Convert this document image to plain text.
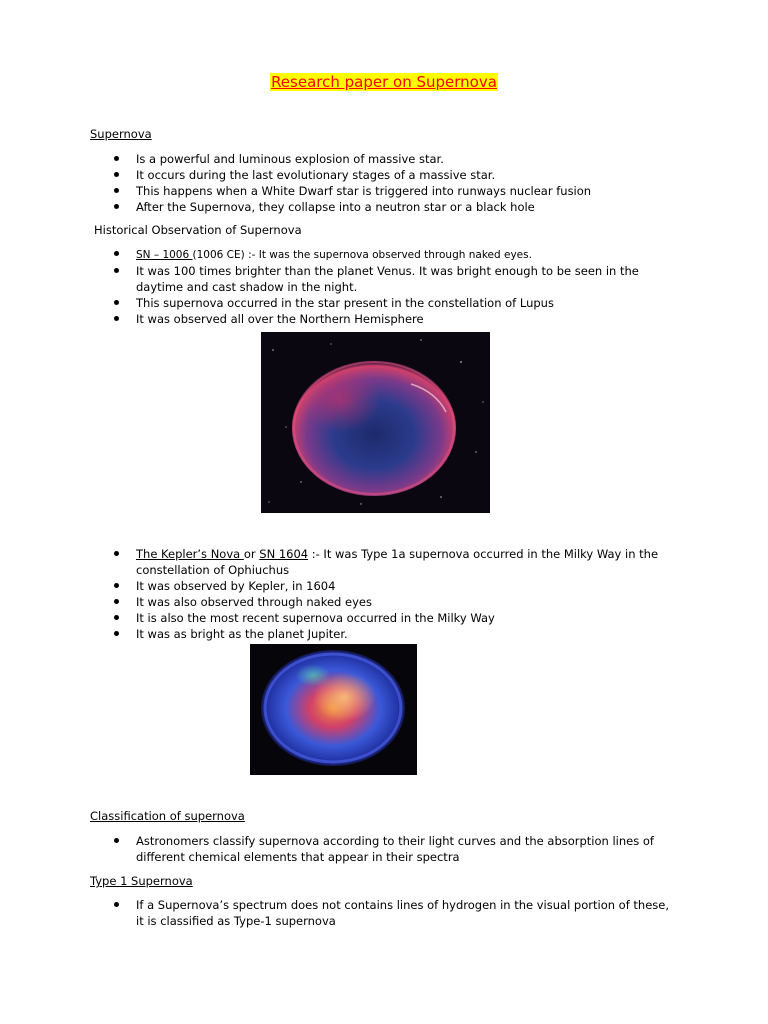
Research paper on Supernova
Supernova
Is a powerful and luminous explosion of massive star.
It occurs during the last evolutionary stages of a massive star.
This happens when a White Dwarf star is triggered into runways nuclear fusion
After the Supernova, they collapse into a neutron star or a black hole
Historical Observation of Supernova
SN – 1006 (1006 CE) :- It was the supernova observed through naked eyes.
It was 100 times brighter than the planet Venus. It was bright enough to be seen in the daytime and cast shadow in the night.
This supernova occurred in the star present in the constellation of Lupus
It was observed all over the Northern Hemisphere
The Kepler’s Nova or SN 1604 :- It was Type 1a supernova occurred in the Milky Way in the constellation of Ophiuchus
It was observed by Kepler, in 1604
It was also observed through naked eyes
It is also the most recent supernova occurred in the Milky Way
It was as bright as the planet Jupiter.
Classification of supernova
Astronomers classify supernova according to their light curves and the absorption lines of different chemical elements that appear in their spectra
Type 1 Supernova
If a Supernova’s spectrum does not contains lines of hydrogen in the visual portion of these, it is classified as Type-1 supernova
